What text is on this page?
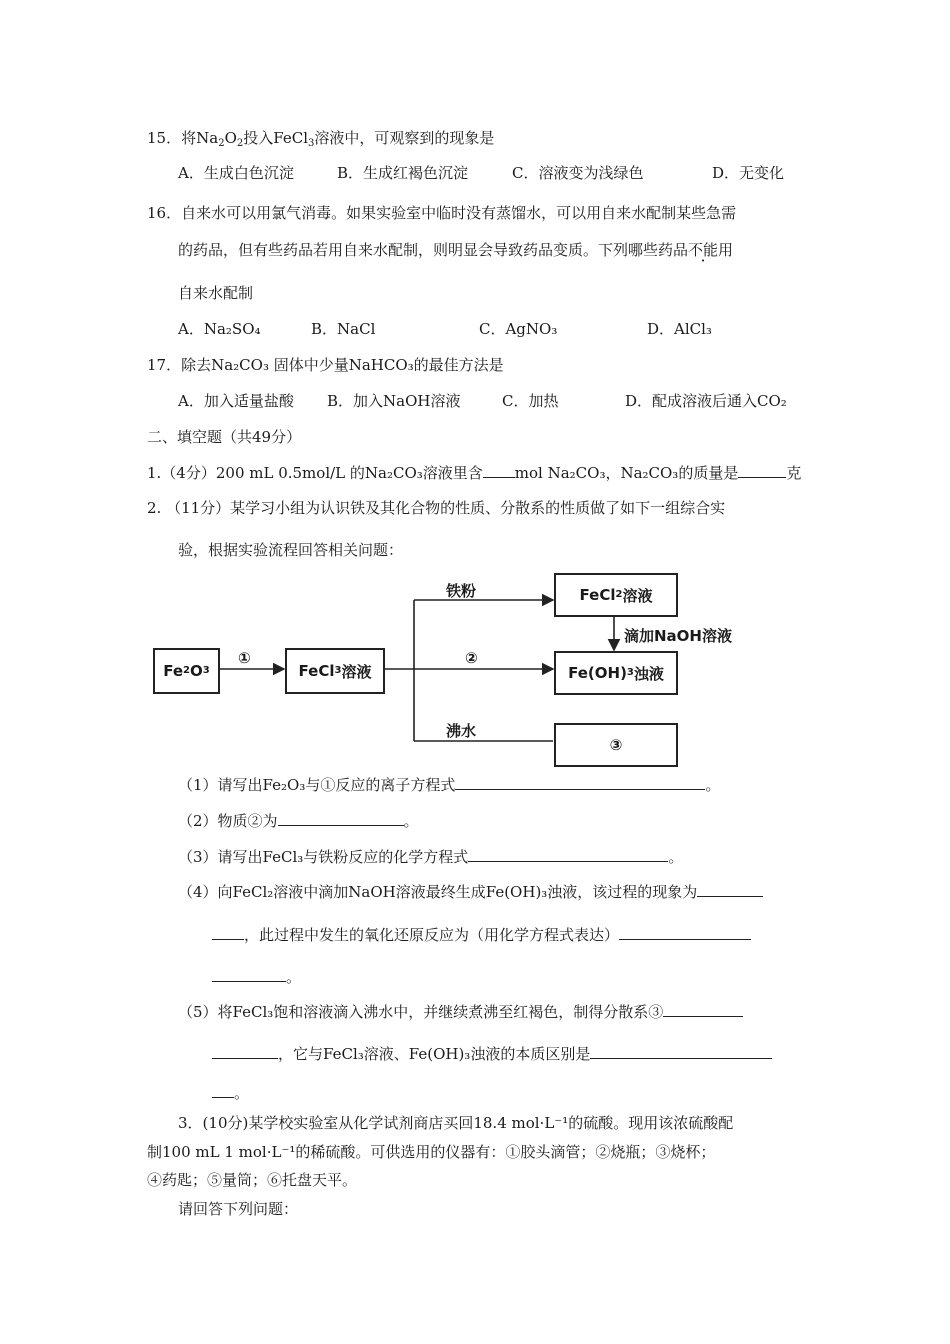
15．将$Na_2O_2$投入FeCl$_3$溶液中，可观察到的现象是
A．生成白色沉淀	B．生成红褐色沉淀	C．溶液变为浅绿色	D．无变化
16．自来水可以用氯气消毒。如果实验室中临时没有蒸馏水，可以用自来水配制某些急需
的药品，但有些药品若用自来水配制，则明显会导致药品变质。下列哪些药品不能用
自来水配制
A．Na₂SO₄	B．NaCl	C．AgNO₃	D．AlCl₃
17．除去Na₂CO₃ 固体中少量NaHCO₃的最佳方法是
A．加入适量盐酸 B．加入NaOH溶液	C．加热	D．配成溶液后通入CO₂
二、填空题（共49分）
1.（4分）200 mL 0.5mol/L 的Na₂CO₃溶液里含 mol Na₂CO₃，Na₂CO₃的质量是	克
2. （11分）某学习小组为认识铁及其化合物的性质、分散系的性质做了如下一组综合实
验，根据实验流程回答相关问题：
Fe 2 O 3	FeCl 3 溶液
FeCl 2 溶液
Fe(OH) 3 浊液
③
①
铁粉
②
沸水
滴加NaOH溶液
（1）请写出Fe₂O₃与①反应的离子方程式	。
（2）物质②为	。
（3）请写出FeCl₃与铁粉反应的化学方程式	。
（4）向FeCl₂溶液中滴加NaOH溶液最终生成Fe(OH)₃浊液，该过程的现象为
，此过程中发生的氧化还原反应为（用化学方程式表达）
。
（5）将FeCl₃饱和溶液滴入沸水中，并继续煮沸至红褐色，制得分散系③
，它与FeCl₃溶液、Fe(OH)₃浊液的本质区别是
。
3．(10分)某学校实验室从化学试剂商店买回18.4 mol·L⁻¹的硫酸。现用该浓硫酸配
制100 mL 1 mol·L⁻¹的稀硫酸。可供选用的仪器有：①胶头滴管；②烧瓶；③烧杯；
④药匙；⑤量筒；⑥托盘天平。
请回答下列问题：
